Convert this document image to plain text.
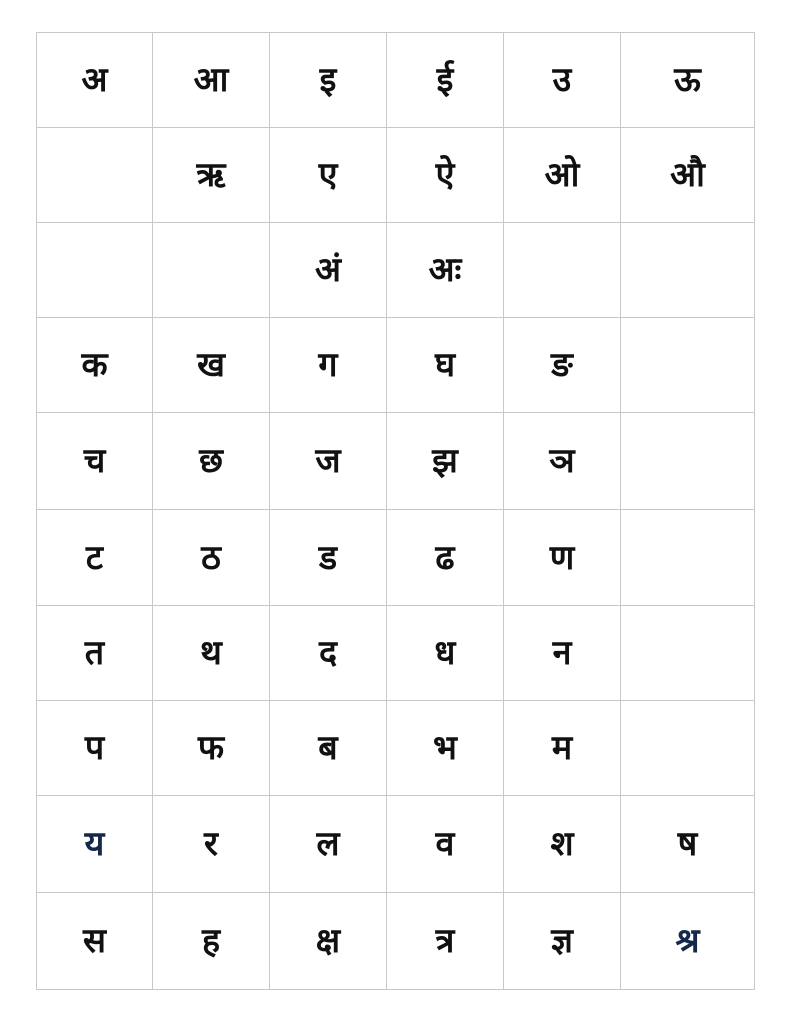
अ	आ	इ	ई	उ	ऊ
	ऋ	ए	ऐ	ओ	औ
		अं	अः		
क	ख	ग	घ	ङ	
च	छ	ज	झ	ञ	
ट	ठ	ड	ढ	ण	
त	थ	द	ध	न	
प	फ	ब	भ	म	
य	र	ल	व	श	ष
स	ह	क्ष	त्र	ज्ञ	श्र
